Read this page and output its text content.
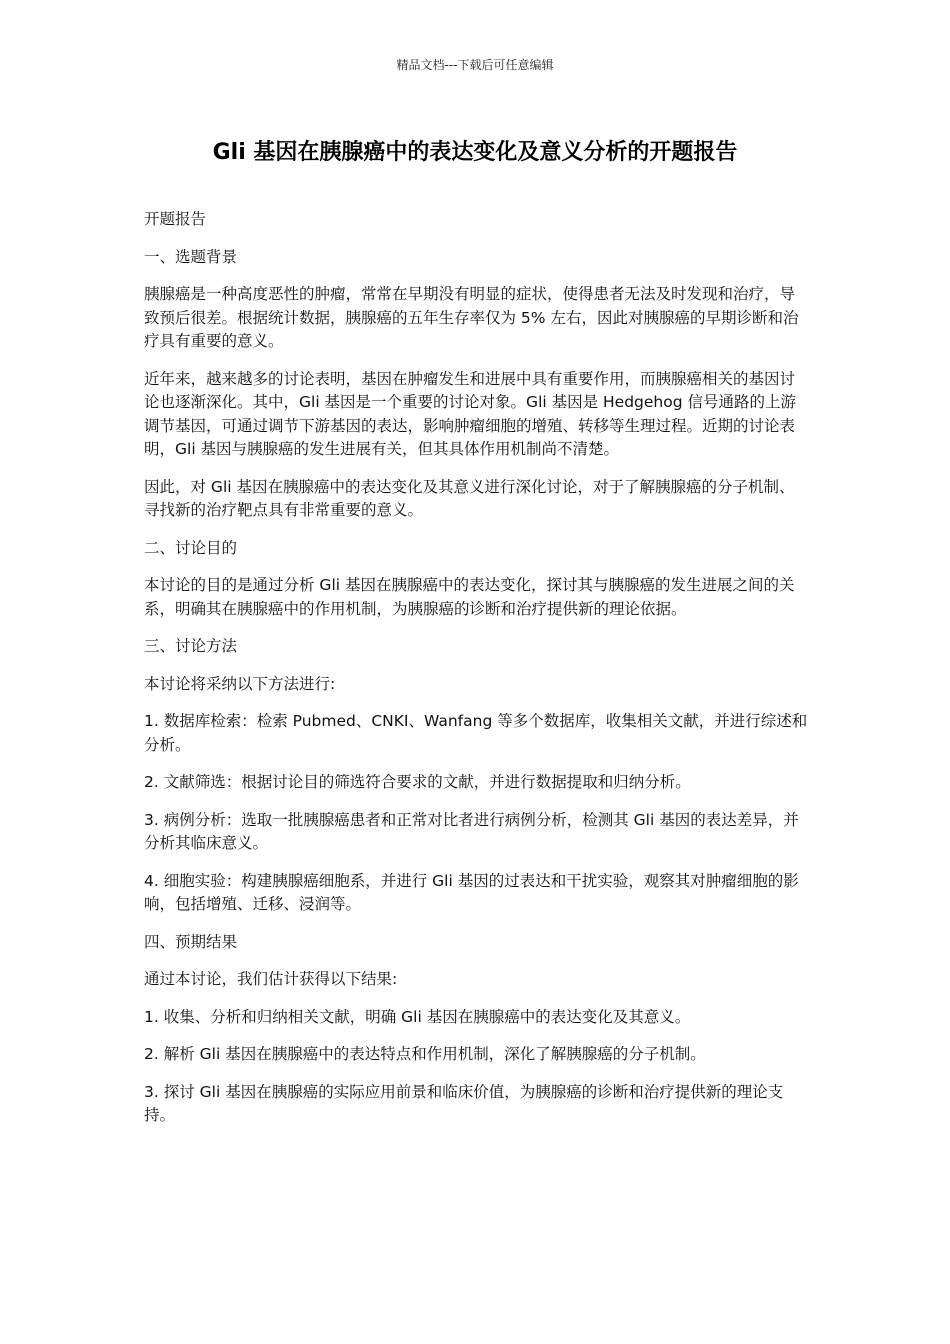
精品文档---下载后可任意编辑
Gli 基因在胰腺癌中的表达变化及意义分析的开题报告

开题报告

一、选题背景

胰腺癌是一种高度恶性的肿瘤，常常在早期没有明显的症状，使得患者无法及时发现和治疗，导致预后很差。根据统计数据，胰腺癌的五年生存率仅为 5% 左右，因此对胰腺癌的早期诊断和治疗具有重要的意义。

近年来，越来越多的讨论表明，基因在肿瘤发生和进展中具有重要作用，而胰腺癌相关的基因讨论也逐渐深化。其中，Gli 基因是一个重要的讨论对象。Gli 基因是 Hedgehog 信号通路的上游调节基因，可通过调节下游基因的表达，影响肿瘤细胞的增殖、转移等生理过程。近期的讨论表明，Gli 基因与胰腺癌的发生进展有关，但其具体作用机制尚不清楚。

因此，对 Gli 基因在胰腺癌中的表达变化及其意义进行深化讨论，对于了解胰腺癌的分子机制、寻找新的治疗靶点具有非常重要的意义。

二、讨论目的

本讨论的目的是通过分析 Gli 基因在胰腺癌中的表达变化，探讨其与胰腺癌的发生进展之间的关系，明确其在胰腺癌中的作用机制，为胰腺癌的诊断和治疗提供新的理论依据。

三、讨论方法

本讨论将采纳以下方法进行:

1. 数据库检索：检索 Pubmed、CNKI、Wanfang 等多个数据库，收集相关文献，并进行综述和分析。

2. 文献筛选：根据讨论目的筛选符合要求的文献，并进行数据提取和归纳分析。

3. 病例分析：选取一批胰腺癌患者和正常对比者进行病例分析，检测其 Gli 基因的表达差异，并分析其临床意义。

4. 细胞实验：构建胰腺癌细胞系，并进行 Gli 基因的过表达和干扰实验，观察其对肿瘤细胞的影响，包括增殖、迁移、浸润等。

四、预期结果

通过本讨论，我们估计获得以下结果:

1. 收集、分析和归纳相关文献，明确 Gli 基因在胰腺癌中的表达变化及其意义。

2. 解析 Gli 基因在胰腺癌中的表达特点和作用机制，深化了解胰腺癌的分子机制。

3. 探讨 Gli 基因在胰腺癌的实际应用前景和临床价值，为胰腺癌的诊断和治疗提供新的理论支持。
